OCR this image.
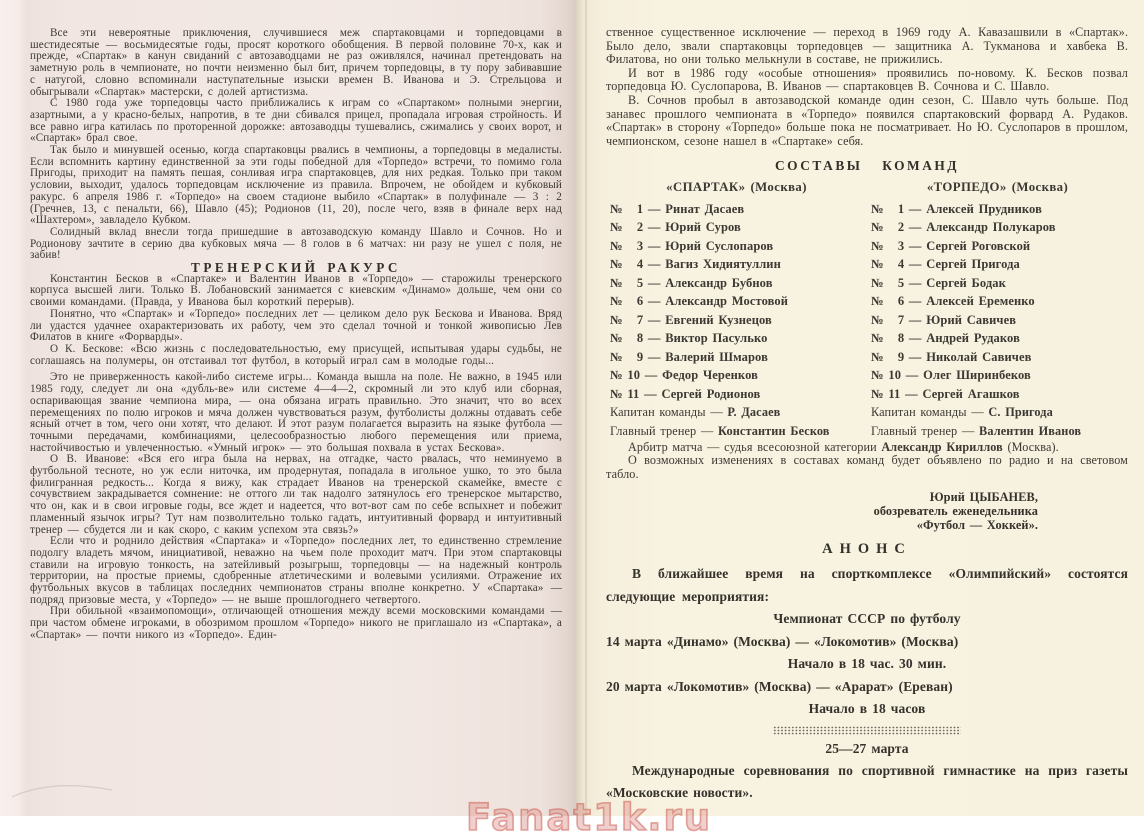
Все эти невероятные приключения, случившиеся меж спартаковцами и торпедовцами в шестидесятые — восьмидесятые годы, просят короткого обобщения. В первой половине 70-х, как и прежде, «Спартак» в канун свиданий с автозаводцами не раз оживлялся, начинал претендовать на заметную роль в чемпионате, но почти неизменно был бит, причем торпедовцы, в ту пору забивавшие с натугой, словно вспоминали наступательные изыски времен В. Иванова и Э. Стрельцова и обыгрывали «Спартак» мастерски, с долей артистизма.

С 1980 года уже торпедовцы часто приближались к играм со «Спартаком» полными энергии, азартными, а у красно-белых, напротив, в те дни сбивался прицел, пропадала игровая стройность. И все равно игра катилась по проторенной дорожке: автозаводцы тушевались, сжимались у своих ворот, и «Спартак» брал свое.

Так было и минувшей осенью, когда спартаковцы рвались в чемпионы, а торпедовцы в медалисты. Если вспомнить картину единственной за эти годы победной для «Торпедо» встречи, то помимо гола Пригоды, приходит на память пешая, сонливая игра спартаковцев, для них редкая. Только при таком условии, выходит, удалось торпедовцам исключение из правила. Впрочем, не обойдем и кубковый ракурс. 6 апреля 1986 г. «Торпедо» на своем стадионе выбило «Спартак» в полуфинале — 3 : 2 (Гречнев, 13, с пенальти, 66), Шавло (45); Родионов (11, 20), после чего, взяв в финале верх над «Шахтером», завладело Кубком.

Солидный вклад внесли тогда пришедшие в автозаводскую команду Шавло и Сочнов. Но и Родионову зачтите в серию два кубковых мяча — 8 голов в 6 матчах: ни разу не ушел с поля, не забив!

ТРЕНЕРСКИЙ РАКУРС

Константин Бесков в «Спартаке» и Валентин Иванов в «Торпедо» — старожилы тренерского корпуса высшей лиги. Только В. Лобановский занимается с киевским «Динамо» дольше, чем они со своими командами. (Правда, у Иванова был короткий перерыв).

Понятно, что «Спартак» и «Торпедо» последних лет — целиком дело рук Бескова и Иванова. Вряд ли удастся удачнее охарактеризовать их работу, чем это сделал точной и тонкой живописью Лев Филатов в книге «Форварды».

О К. Бескове: «Всю жизнь с последовательностью, ему присущей, испытывая удары судьбы, не соглашаясь на полумеры, он отстаивал тот футбол, в который играл сам в молодые годы...

Это не приверженность какой-либо системе игры... Команда вышла на поле. Не важно, в 1945 или 1985 году, следует ли она «дубль-ве» или системе 4—4—2, скромный ли это клуб или сборная, оспаривающая звание чемпиона мира, — она обязана играть правильно. Это значит, что во всех перемещениях по полю игроков и мяча должен чувствоваться разум, футболисты должны отдавать себе ясный отчет в том, чего они хотят, что делают. И этот разум полагается выразить на языке футбола — точными передачами, комбинациями, целесообразностью любого перемещения или приема, настойчивостью и увлеченностью. «Умный игрок» — это большая похвала в устах Бескова».

О В. Иванове: «Вся его игра была на нервах, на отгадке, часто рвалась, что неминуемо в футбольной тесноте, но уж если ниточка, им продернутая, попадала в игольное ушко, то это была филигранная редкость... Когда я вижу, как страдает Иванов на тренерской скамейке, вместе с сочувствием закрадывается сомнение: не оттого ли так надолго затянулось его тренерское мытарство, что он, как и в свои игровые годы, все ждет и надеется, что вот-вот сам по себе вспыхнет и побежит пламенный язычок игры? Тут нам позволительно только гадать, интуитивный форвард и интуитивный тренер — сбудется ли и как скоро, с каким успехом эта связь?»

Если что и роднило действия «Спартака» и «Торпедо» последних лет, то единственно стремление подолгу владеть мячом, инициативой, неважно на чьем поле проходит матч. При этом спартаковцы ставили на игровую тонкость, на затейливый розыгрыш, торпедовцы — на надежный контроль территории, на простые приемы, сдобренные атлетическими и волевыми усилиями. Отражение их футбольных вкусов в таблицах последних чемпионатов страны вполне конкретно. У «Спартака» — подряд призовые места, у «Торпедо» — не выше прошлогоднего четвертого.

При обильной «взаимопомощи», отличающей отношения между всеми московскими командами — при частом обмене игроками, в обозримом прошлом «Торпедо» никого не приглашало из «Спартака», а «Спартак» — почти никого из «Торпедо». Един-

ственное существенное исключение — переход в 1969 году А. Кавазашвили в «Спартак». Было дело, звали спартаковцы торпедовцев — защитника А. Тукманова и хавбека В. Филатова, но они только мелькнули в составе, не прижились.

И вот в 1986 году «особые отношения» проявились по-новому. К. Бесков позвал торпедовца Ю. Суслопарова, В. Иванов — спартаковцев В. Сочнова и С. Шавло.

В. Сочнов пробыл в автозаводской команде один сезон, С. Шавло чуть больше. Под занавес прошлого чемпионата в «Торпедо» появился спартаковский форвард А. Рудаков. «Спартак» в сторону «Торпедо» больше пока не посматривает. Но Ю. Суслопаров в прошлом, чемпионском, сезоне нашел в «Спартаке» себя.

СОСТАВЫ КОМАНД
«СПАРТАК» (Москва)
№   1 — Ринат Дасаев
№   2 — Юрий Суров
№   3 — Юрий Суслопаров
№   4 — Вагиз Хидиятуллин
№   5 — Александр Бубнов
№   6 — Александр Мостовой
№   7 — Евгений Кузнецов
№   8 — Виктор Пасулько
№   9 — Валерий Шмаров
№ 10 — Федор Черенков
№ 11 — Сергей Родионов
Капитан команды — Р. Дасаев
Главный тренер — Константин Бесков
«ТОРПЕДО» (Москва)
№   1 — Алексей Прудников
№   2 — Александр Полукаров
№   3 — Сергей Роговской
№   4 — Сергей Пригода
№   5 — Сергей Бодак
№   6 — Алексей Еременко
№   7 — Юрий Савичев
№   8 — Андрей Рудаков
№   9 — Николай Савичев
№ 10 — Олег Ширинбеков
№ 11 — Сергей Агашков
Капитан команды — С. Пригода
Главный тренер — Валентин Иванов

Арбитр матча — судья всесоюзной категории Александр Кириллов (Москва).

О возможных изменениях в составах команд будет объявлено по радио и на световом табло.

Юрий ЦЫБАНЕВ,
обозреватель еженедельника
«Футбол — Хоккей».
АНОНС

В ближайшее время на спорткомплексе «Олимпийский» состоятся следующие мероприятия:

Чемпионат СССР по футболу

14 марта «Динамо» (Москва) — «Локомотив» (Москва)

Начало в 18 час. 30 мин.

20 марта «Локомотив» (Москва) — «Арарат» (Ереван)

Начало в 18 часов

25—27 марта

Международные соревнования по спортивной гимнастике на приз газеты «Московские новости».

Fanat1k.ru
